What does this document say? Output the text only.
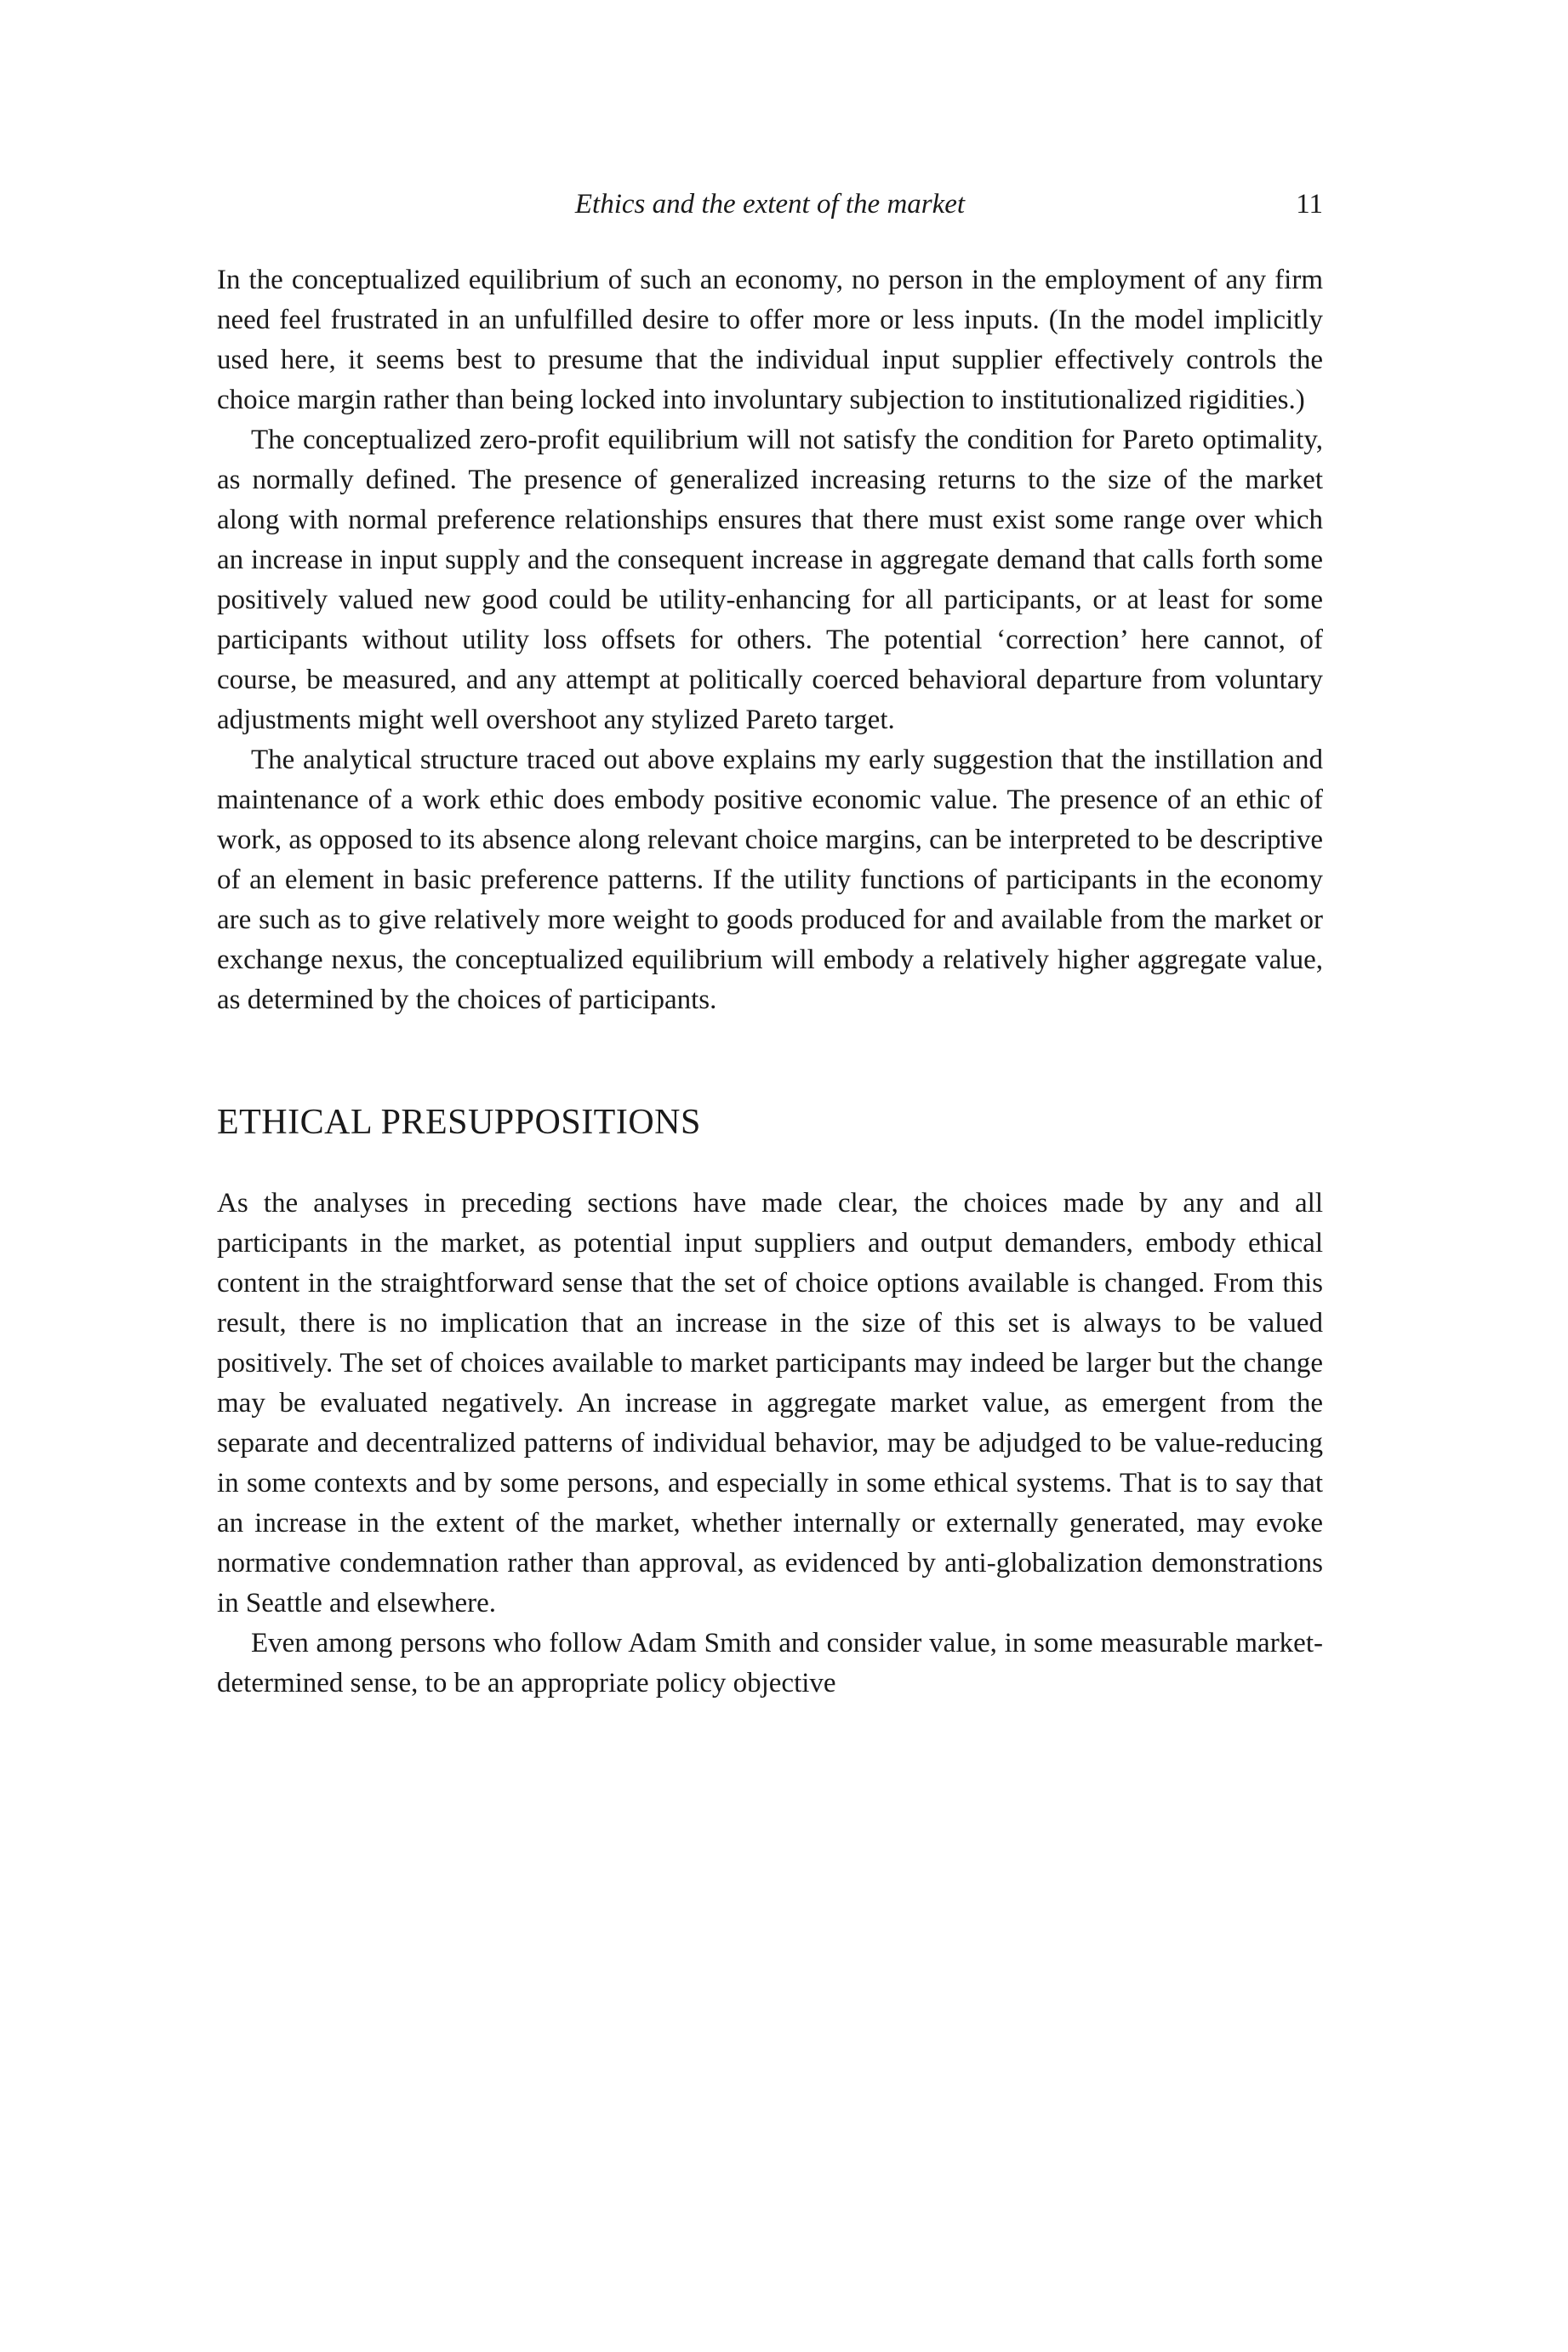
Ethics and the extent of the market	11

In the conceptualized equilibrium of such an economy, no person in the employment of any firm need feel frustrated in an unfulfilled desire to offer more or less inputs. (In the model implicitly used here, it seems best to presume that the individual input supplier effectively controls the choice margin rather than being locked into involuntary subjection to institutionalized rigidities.)

The conceptualized zero-profit equilibrium will not satisfy the condition for Pareto optimality, as normally defined. The presence of generalized increasing returns to the size of the market along with normal preference relationships ensures that there must exist some range over which an increase in input supply and the consequent increase in aggregate demand that calls forth some positively valued new good could be utility-enhancing for all participants, or at least for some participants without utility loss offsets for others. The potential ‘correction’ here cannot, of course, be measured, and any attempt at politically coerced behavioral departure from voluntary adjustments might well overshoot any stylized Pareto target.

The analytical structure traced out above explains my early suggestion that the instillation and maintenance of a work ethic does embody positive economic value. The presence of an ethic of work, as opposed to its absence along relevant choice margins, can be interpreted to be descriptive of an element in basic preference patterns. If the utility functions of participants in the economy are such as to give relatively more weight to goods produced for and available from the market or exchange nexus, the conceptualized equilibrium will embody a relatively higher aggregate value, as determined by the choices of participants.

ETHICAL PRESUPPOSITIONS

As the analyses in preceding sections have made clear, the choices made by any and all participants in the market, as potential input suppliers and output demanders, embody ethical content in the straightforward sense that the set of choice options available is changed. From this result, there is no implication that an increase in the size of this set is always to be valued positively. The set of choices available to market participants may indeed be larger but the change may be evaluated negatively. An increase in aggregate market value, as emergent from the separate and decentralized patterns of individual behavior, may be adjudged to be value-reducing in some contexts and by some persons, and especially in some ethical systems. That is to say that an increase in the extent of the market, whether internally or externally generated, may evoke normative condemnation rather than approval, as evidenced by anti-globalization demonstrations in Seattle and elsewhere.

Even among persons who follow Adam Smith and consider value, in some measurable market-determined sense, to be an appropriate policy objective
